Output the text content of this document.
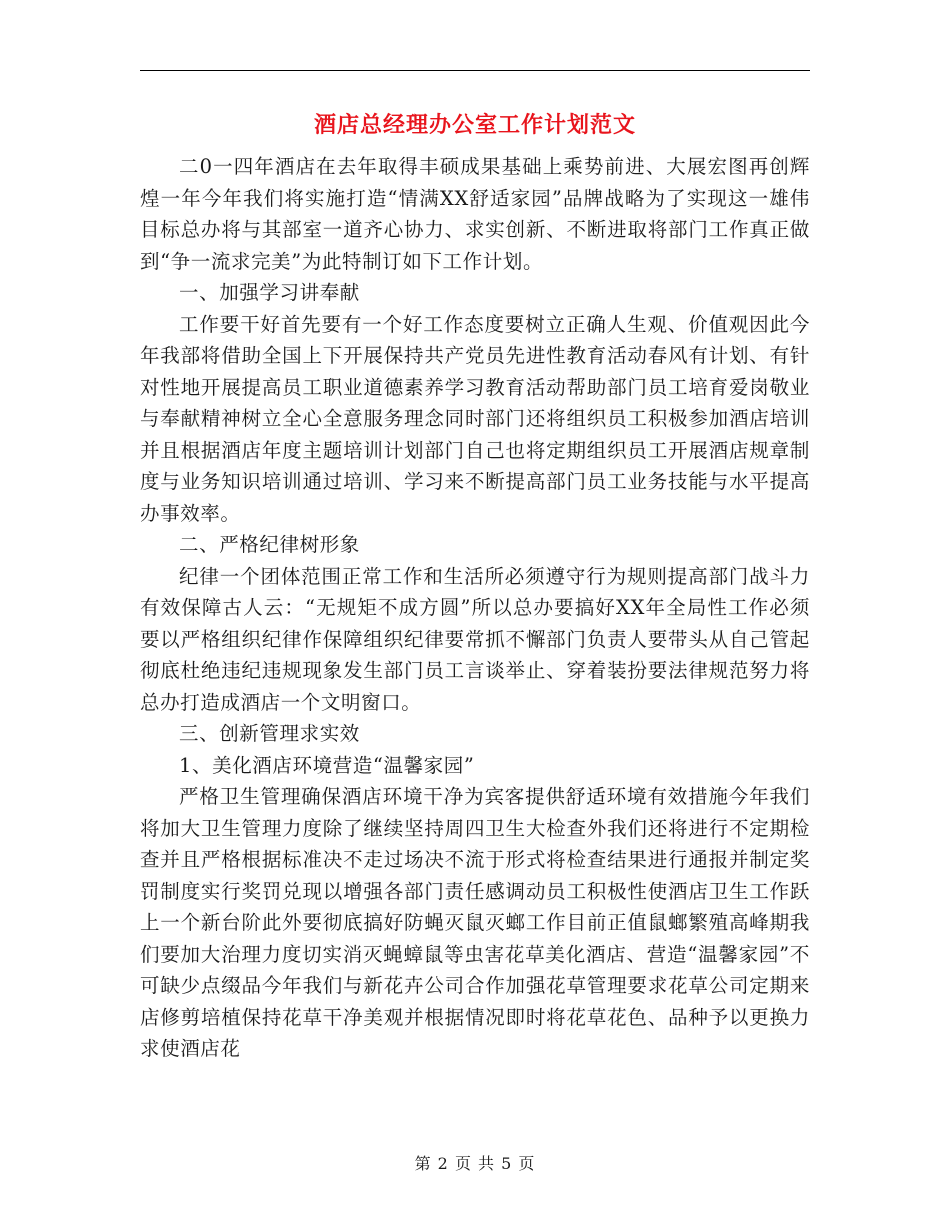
酒店总经理办公室工作计划范文

二0一四年酒店在去年取得丰硕成果基础上乘势前进、大展宏图再创辉煌一年今年我们将实施打造“情满XX舒适家园”品牌战略为了实现这一雄伟目标总办将与其部室一道齐心协力、求实创新、不断进取将部门工作真正做到“争一流求完美”为此特制订如下工作计划。

一、加强学习讲奉献

工作要干好首先要有一个好工作态度要树立正确人生观、价值观因此今年我部将借助全国上下开展保持共产党员先进性教育活动春风有计划、有针对性地开展提高员工职业道德素养学习教育活动帮助部门员工培育爱岗敬业与奉献精神树立全心全意服务理念同时部门还将组织员工积极参加酒店培训并且根据酒店年度主题培训计划部门自己也将定期组织员工开展酒店规章制度与业务知识培训通过培训、学习来不断提高部门员工业务技能与水平提高办事效率。

二、严格纪律树形象

纪律一个团体范围正常工作和生活所必须遵守行为规则提高部门战斗力有效保障古人云：“无规矩不成方圆”所以总办要搞好XX年全局性工作必须要以严格组织纪律作保障组织纪律要常抓不懈部门负责人要带头从自己管起彻底杜绝违纪违规现象发生部门员工言谈举止、穿着装扮要法律规范努力将总办打造成酒店一个文明窗口。

三、创新管理求实效

1、美化酒店环境营造“温馨家园”

严格卫生管理确保酒店环境干净为宾客提供舒适环境有效措施今年我们将加大卫生管理力度除了继续坚持周四卫生大检查外我们还将进行不定期检查并且严格根据标准决不走过场决不流于形式将检查结果进行通报并制定奖罚制度实行奖罚兑现以增强各部门责任感调动员工积极性使酒店卫生工作跃上一个新台阶此外要彻底搞好防蝇灭鼠灭螂工作目前正值鼠螂繁殖高峰期我们要加大治理力度切实消灭蝇蟑鼠等虫害花草美化酒店、营造“温馨家园”不可缺少点缀品今年我们与新花卉公司合作加强花草管理要求花草公司定期来店修剪培植保持花草干净美观并根据情况即时将花草花色、品种予以更换力求使酒店花

第 2 页 共 5 页
